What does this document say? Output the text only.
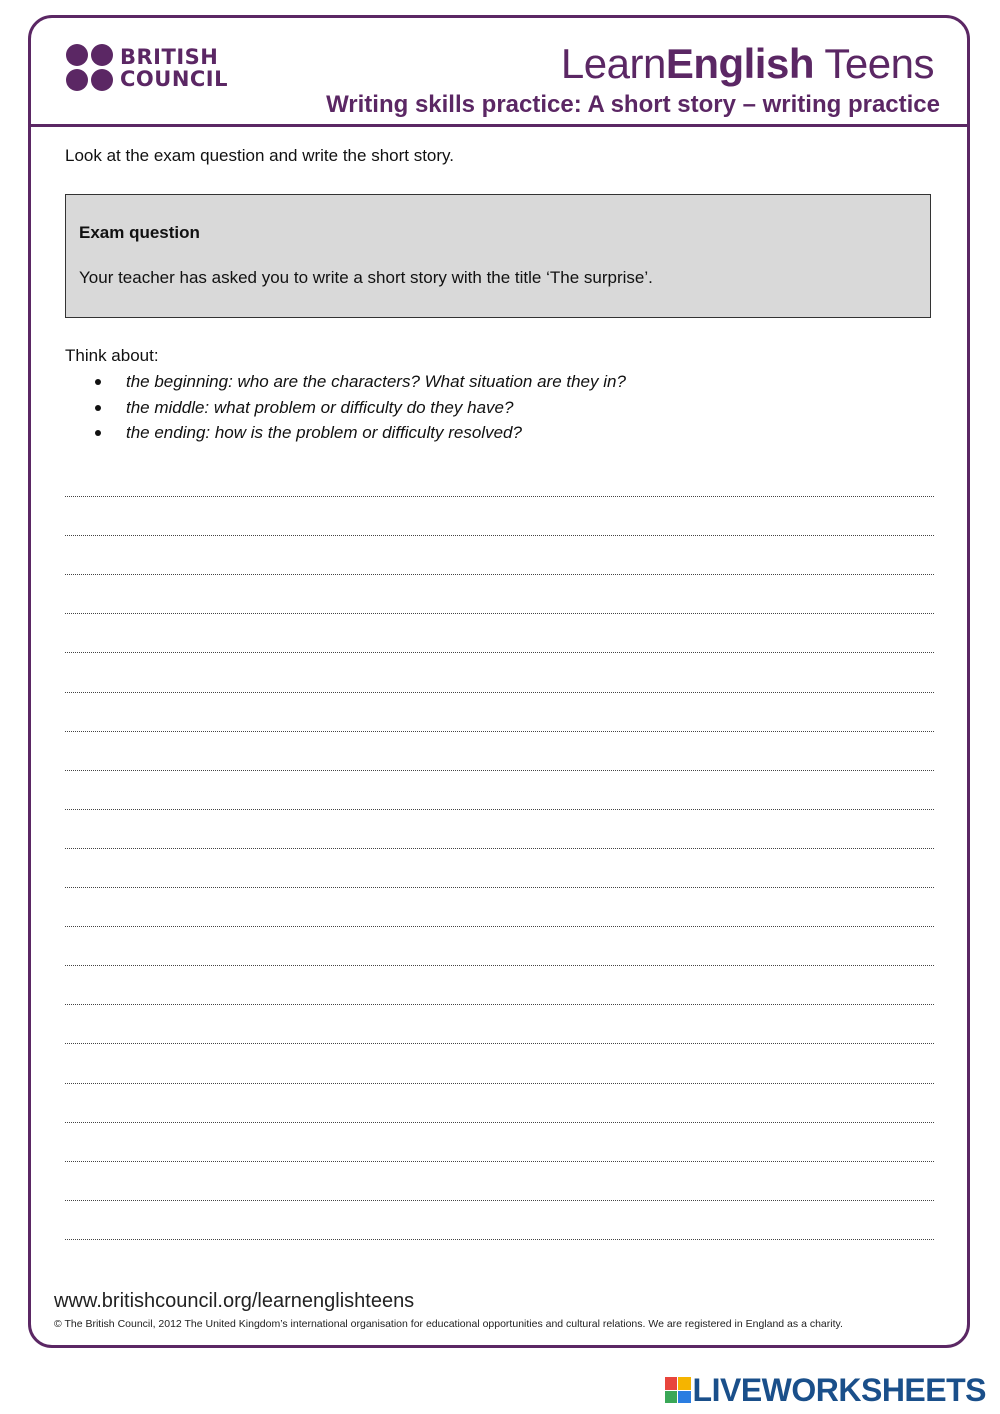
BRITISH
COUNCIL	LearnEnglish Teens
Writing skills practice: A short story – writing practice
Look at the exam question and write the short story.
Exam question
Your teacher has asked you to write a short story with the title ‘The surprise’.
Think about:
the beginning: who are the characters? What situation are they in?
the middle: what problem or difficulty do they have?
the ending: how is the problem or difficulty resolved?
www.britishcouncil.org/learnenglishteens
© The British Council, 2012 The United Kingdom’s international organisation for educational opportunities and cultural relations. We are registered in England as a charity.
LIVEWORKSHEETS
